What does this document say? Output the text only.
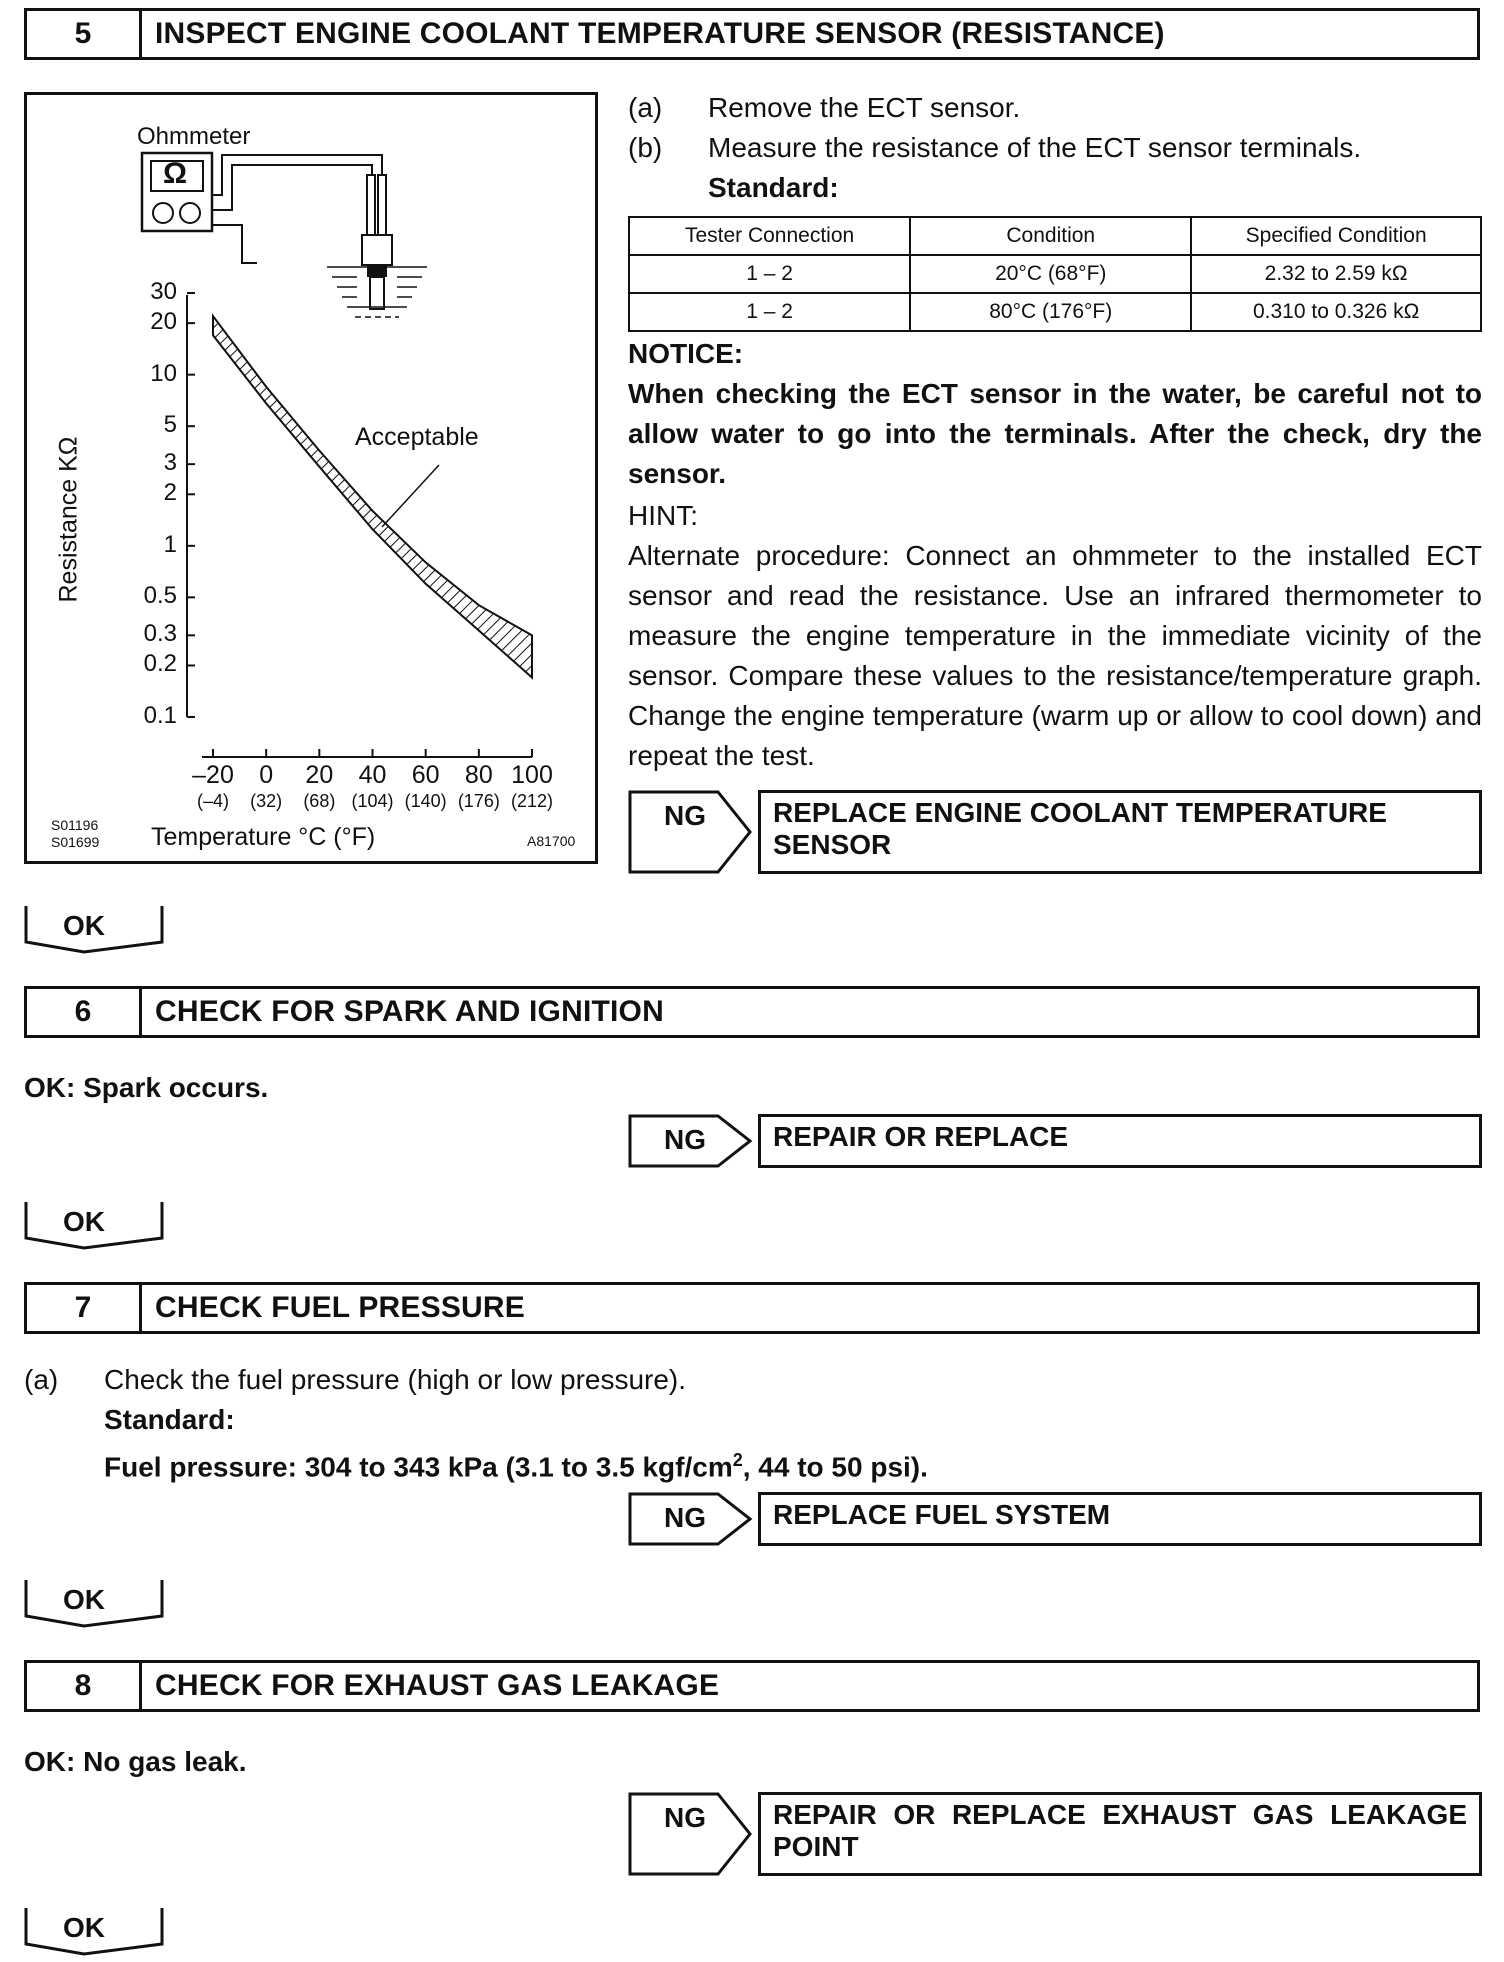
5	INSPECT ENGINE COOLANT TEMPERATURE SENSOR (RESISTANCE)
Ohmmeter
Ω
Acceptable
Resistance KΩ
S01196
S01699 Temperature °C (°F)	A81700
30
20
10
5
3
2
1
0.5
0.3
0.2
0.1
–20
(–4)
0
(32)
20
(68)
40
(104)
60
(140)
80
(176)
100
(212)
(a) Remove the ECT sensor.
(b) Measure the resistance of the ECT sensor terminals.
Standard:
Tester Connection	Condition	Specified Condition
1 – 2	20°C (68°F)	2.32 to 2.59 kΩ
1 – 2	80°C (176°F)	0.310 to 0.326 kΩ
NOTICE:
When checking the ECT sensor in the water, be careful not to allow water to go into the terminals. After the check, dry the sensor.
HINT:
Alternate procedure: Connect an ohmmeter to the installed ECT sensor and read the resistance. Use an infrared thermometer to measure the engine temperature in the immediate vicinity of the sensor. Compare these values to the resistance/temperature graph. Change the engine temperature (warm up or allow to cool down) and repeat the test.
NG	REPLACE ENGINE COOLANT TEMPERATURE SENSOR
OK
6	CHECK FOR SPARK AND IGNITION
OK: Spark occurs.
NG	REPAIR OR REPLACE
OK
7	CHECK FUEL PRESSURE
(a) Check the fuel pressure (high or low pressure).
Standard:
Fuel pressure: 304 to 343 kPa (3.1 to 3.5 kgf/$cm^2$, 44 to 50 psi).
NG	REPLACE FUEL SYSTEM
OK
8	CHECK FOR EXHAUST GAS LEAKAGE
OK: No gas leak.
NG	REPAIR OR REPLACE EXHAUST GAS LEAKAGE POINT
OK
